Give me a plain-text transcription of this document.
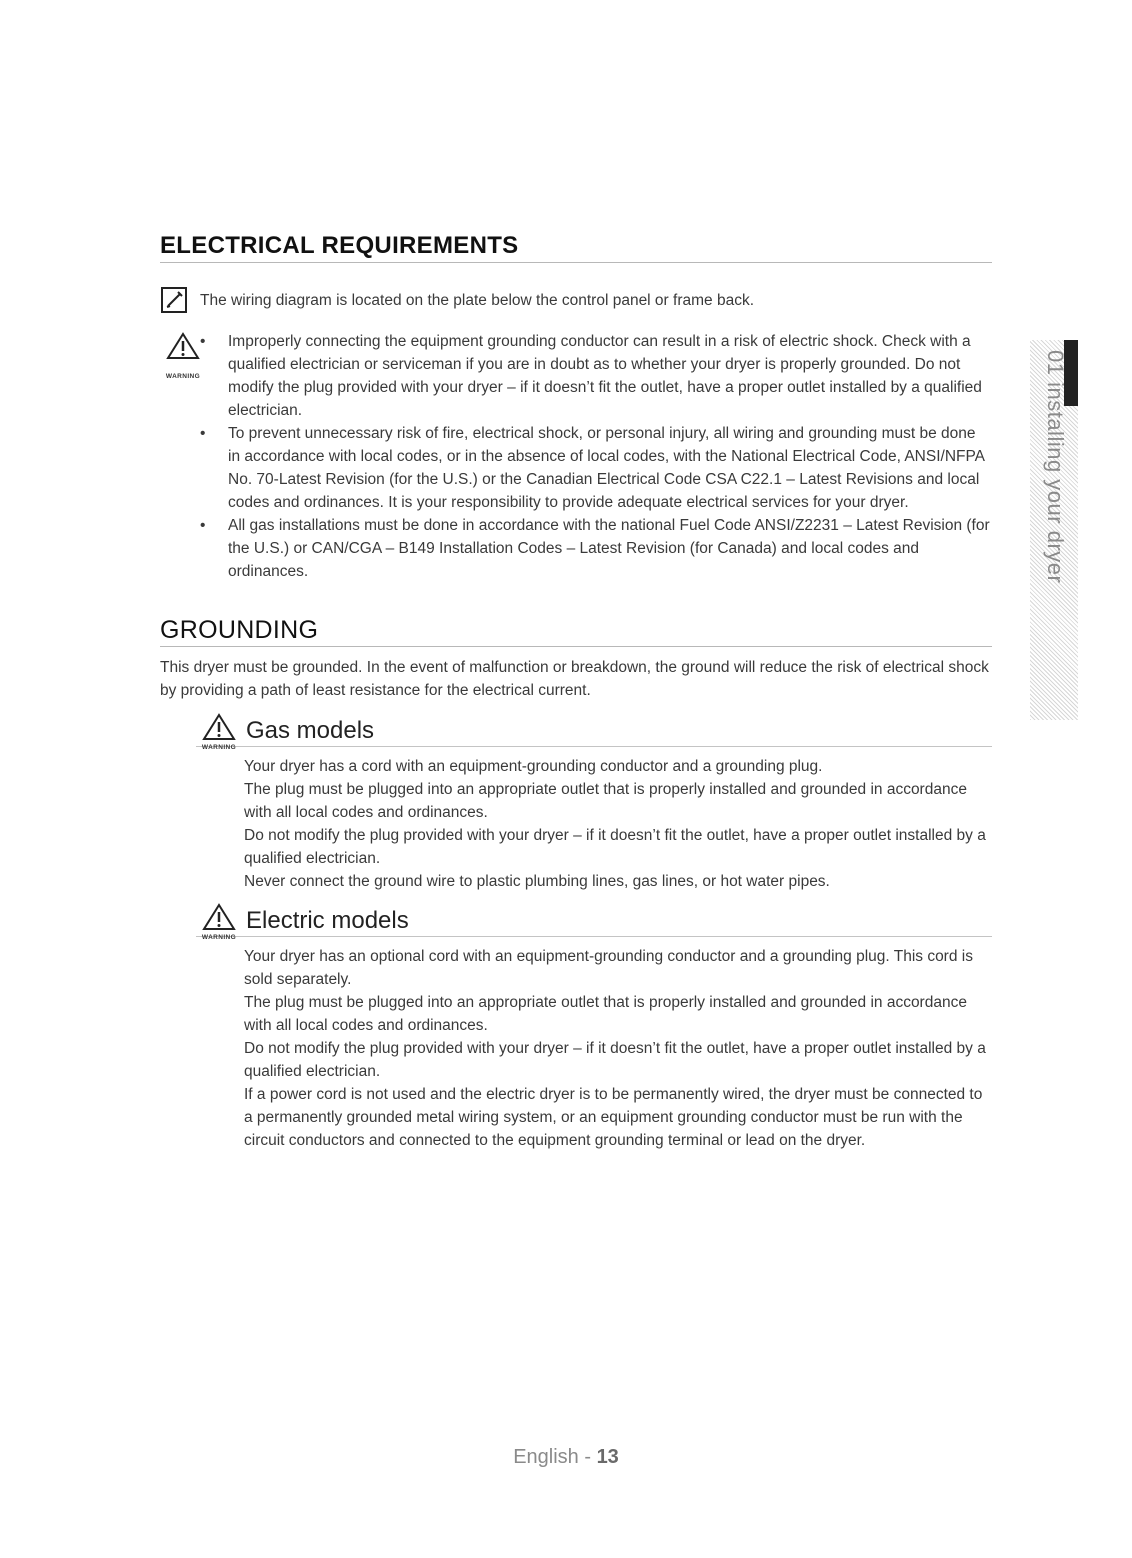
ELECTRICAL REQUIREMENTS
The wiring diagram is located on the plate below the control panel or frame back.
WARNING
• Improperly connecting the equipment grounding conductor can result in a risk of electric shock. Check with a qualified electrician or serviceman if you are in doubt as to whether your dryer is properly grounded. Do not modify the plug provided with your dryer – if it doesn’t fit the outlet, have a proper outlet installed by a qualified electrician.
• To prevent unnecessary risk of fire, electrical shock, or personal injury, all wiring and grounding must be done in accordance with local codes, or in the absence of local codes, with the National Electrical Code, ANSI/NFPA No. 70-Latest Revision (for the U.S.) or the Canadian Electrical Code CSA C22.1 – Latest Revisions and local codes and ordinances. It is your responsibility to provide adequate electrical services for your dryer.
• All gas installations must be done in accordance with the national Fuel Code ANSI/Z2231 – Latest Revision (for the U.S.) or CAN/CGA – B149 Installation Codes – Latest Revision (for Canada) and local codes and ordinances.
GROUNDING

This dryer must be grounded. In the event of malfunction or breakdown, the ground will reduce the risk of electrical shock by providing a path of least resistance for the electrical current.

Gas models
WARNING

Your dryer has a cord with an equipment-grounding conductor and a grounding plug.

The plug must be plugged into an appropriate outlet that is properly installed and grounded in accordance with all local codes and ordinances.

Do not modify the plug provided with your dryer – if it doesn’t fit the outlet, have a proper outlet installed by a qualified electrician.

Never connect the ground wire to plastic plumbing lines, gas lines, or hot water pipes.

Electric models
WARNING

Your dryer has an optional cord with an equipment-grounding conductor and a grounding plug. This cord is sold separately.

The plug must be plugged into an appropriate outlet that is properly installed and grounded in accordance with all local codes and ordinances.

Do not modify the plug provided with your dryer – if it doesn’t fit the outlet, have a proper outlet installed by a qualified electrician.

If a power cord is not used and the electric dryer is to be permanently wired, the dryer must be connected to a permanently grounded metal wiring system, or an equipment grounding conductor must be run with the circuit conductors and connected to the equipment grounding terminal or lead on the dryer.

01 installing your dryer
English - 13
